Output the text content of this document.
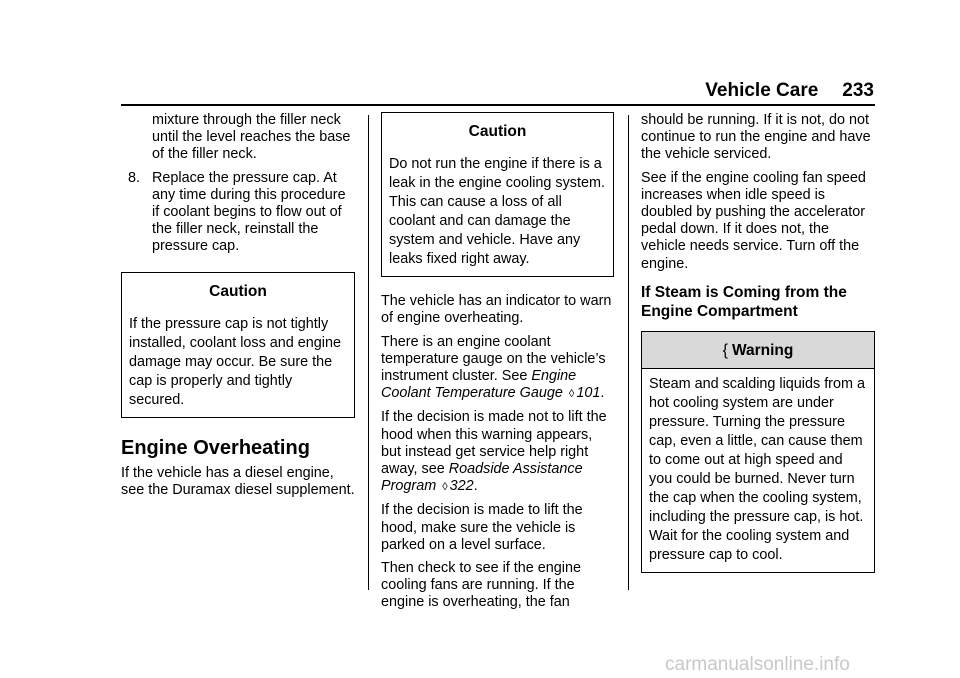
Vehicle Care 233

mixture through the filler neck until the level reaches the base of the filler neck.

8. Replace the pressure cap. At any time during this procedure if coolant begins to flow out of the filler neck, reinstall the pressure cap.
Caution
If the pressure cap is not tightly installed, coolant loss and engine damage may occur. Be sure the cap is properly and tightly secured.
Engine Overheating

If the vehicle has a diesel engine, see the Duramax diesel supplement.

Caution
Do not run the engine if there is a leak in the engine cooling system. This can cause a loss of all coolant and can damage the system and vehicle. Have any leaks fixed right away.

The vehicle has an indicator to warn of engine overheating.

There is an engine coolant temperature gauge on the vehicle’s instrument cluster. See Engine Coolant Temperature Gauge ◊ 101.

If the decision is made not to lift the hood when this warning appears, but instead get service help right away, see Roadside Assistance Program ◊ 322.

If the decision is made to lift the hood, make sure the vehicle is parked on a level surface.

Then check to see if the engine cooling fans are running. If the engine is overheating, the fan

should be running. If it is not, do not continue to run the engine and have the vehicle serviced.

See if the engine cooling fan speed increases when idle speed is doubled by pushing the accelerator pedal down. If it does not, the vehicle needs service. Turn off the engine.

If Steam is Coming from the Engine Compartment
{ Warning
Steam and scalding liquids from a hot cooling system are under pressure. Turning the pressure cap, even a little, can cause them to come out at high speed and you could be burned. Never turn the cap when the cooling system, including the pressure cap, is hot. Wait for the cooling system and pressure cap to cool.
carmanualsonline.info
